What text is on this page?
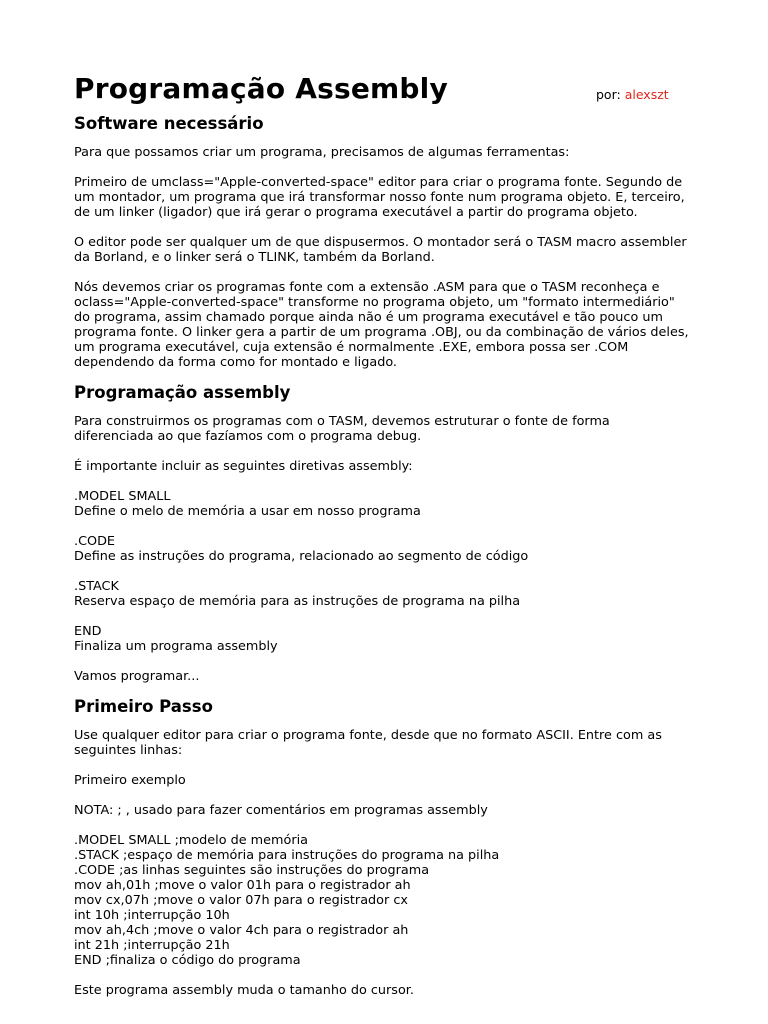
Programação Assembly	por: alexszt
Software necessário

Para que possamos criar um programa, precisamos de algumas ferramentas:

Primeiro de umclass="Apple-converted-space" editor para criar o programa fonte. Segundo de
um montador, um programa que irá transformar nosso fonte num programa objeto. E, terceiro,
de um linker (ligador) que irá gerar o programa executável a partir do programa objeto.

O editor pode ser qualquer um de que dispusermos. O montador será o TASM macro assembler
da Borland, e o linker será o TLINK, também da Borland.

Nós devemos criar os programas fonte com a extensão .ASM para que o TASM reconheça e
oclass="Apple-converted-space" transforme no programa objeto, um "formato intermediário"
do programa, assim chamado porque ainda não é um programa executável e tão pouco um
programa fonte. O linker gera a partir de um programa .OBJ, ou da combinação de vários deles,
um programa executável, cuja extensão é normalmente .EXE, embora possa ser .COM
dependendo da forma como for montado e ligado.

Programação assembly

Para construirmos os programas com o TASM, devemos estruturar o fonte de forma
diferenciada ao que fazíamos com o programa debug.

É importante incluir as seguintes diretivas assembly:

.MODEL SMALL
Define o melo de memória a usar em nosso programa

.CODE
Define as instruções do programa, relacionado ao segmento de código

.STACK
Reserva espaço de memória para as instruções de programa na pilha

END
Finaliza um programa assembly

Vamos programar...

Primeiro Passo

Use qualquer editor para criar o programa fonte, desde que no formato ASCII. Entre com as
seguintes linhas:

Primeiro exemplo

NOTA: ; , usado para fazer comentários em programas assembly

.MODEL SMALL ;modelo de memória
.STACK ;espaço de memória para instruções do programa na pilha
.CODE ;as linhas seguintes são instruções do programa
mov ah,01h ;move o valor 01h para o registrador ah
mov cx,07h ;move o valor 07h para o registrador cx
int 10h ;interrupção 10h
mov ah,4ch ;move o valor 4ch para o registrador ah
int 21h ;interrupção 21h
END ;finaliza o código do programa

Este programa assembly muda o tamanho do cursor.
